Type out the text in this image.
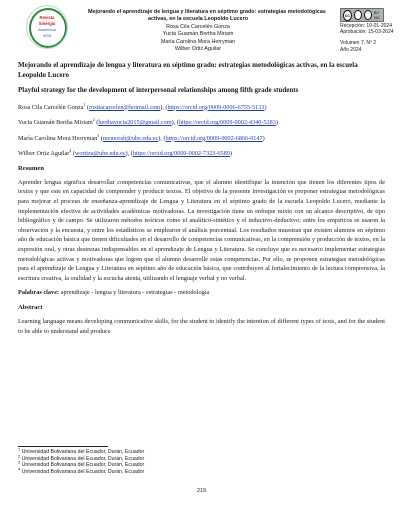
Revista
Sinergia
Académica
ISSN
Mejorando el aprendizaje de lengua y literatura en séptimo grado: estrategias metodológicas
activas, en la escuela Leopoldo Lucero
Rosa Cila Carcelén Gonza
Yucta Guamán Bertha Miriam
María Carolina Mora Herryman
Wilber Ortiz Aguilar
cc	BY NC
Recepción: 10-01-2024
Aprobación: 15-03-2024
Volumen 7, Nº 2
Año 2024

Mejorando el aprendizaje de lengua y literatura en séptimo grado: estrategias metodológicas activas, en la escuela Leopoldo Lucero

Playful strategy for the development of interpersonal relationships among fifth grade students

Rosa Cila Carcelén Gonza$^1$ (rositacarcelen@hotmail.com), (https://orcid.org/0009-0006-6755-5133)

Yucta Guamán Bertha Miriam$^2$ (berthayucta2015@gmail.com), (https://orcid.org/0009-0002-4340-5283)

María Carolina Mora Herryman$^3$ (mcmorah@ube.edu.ec), (https://orcid.org/0009-0002-6866-0147)

Wilber Ortiz Aguilar$^4$ (wortiza@ube.edu.ec), (https://orcid.org/0000-0002-7323-6589)

Resumen

Aprender lengua significa desarrollar competencias comunicativas, que el alumno identifique la intención que tienen los diferentes tipos de textos y que este en capacidad de comprender y producir textos. El objetivo de la presente investigación es proponer estrategias metodológicas para mejorar el proceso de enseñanza-aprendizaje de Lengua y Literatura en el séptimo grado de la escuela Leopoldo Lucero, mediante la implementación efectiva de actividades académicas motivadoras. La investigación tiene un enfoque mixto con un alcance descriptivo, de tipo bibliográfico y de campo. Se utilizaron métodos teóricos como el analítico-sintético y el inductivo-deductivo; entre los empíricos se usaron la observación y la encuesta, y entre los estadísticos se emplearon el análisis porcentual. Los resultados muestran que existen alumnos en séptimo año de educación básica que tienen dificultades en el desarrollo de competencias comunicativas, en la comprensión y producción de textos, en la expresión oral, y otras destrezas indispensables en el aprendizaje de Lengua y Literatura. Se concluye que es necesario implementar estrategias metodológicas activas y motivadoras que logren que el alumno desarrolle estas competencias. Por ello, se proponen estrategias metodológicas para el aprendizaje de Lengua y Literatura en séptimo año de educación básica, que contribuyen al fortalecimiento de la lectura comprensiva, la escritura creativa, la oralidad y la escucha atenta, utilizando el lenguaje verbal y no verbal.

Palabras clave: aprendizaje - lengua y literatura - estrategias - metodología

Abstract

Learning language means developing communicative skills, for the student to identify the intention of different types of texts, and for the student to be able to understand and produce

$^1$ Universidad Bolivariana del Ecuador, Durán, Ecuador
$^2$ Universidad Bolivariana del Ecuador, Durán, Ecuador
$^3$ Universidad Bolivariana del Ecuador, Durán, Ecuador
$^4$ Universidad Bolivariana del Ecuador, Durán, Ecuador
219
